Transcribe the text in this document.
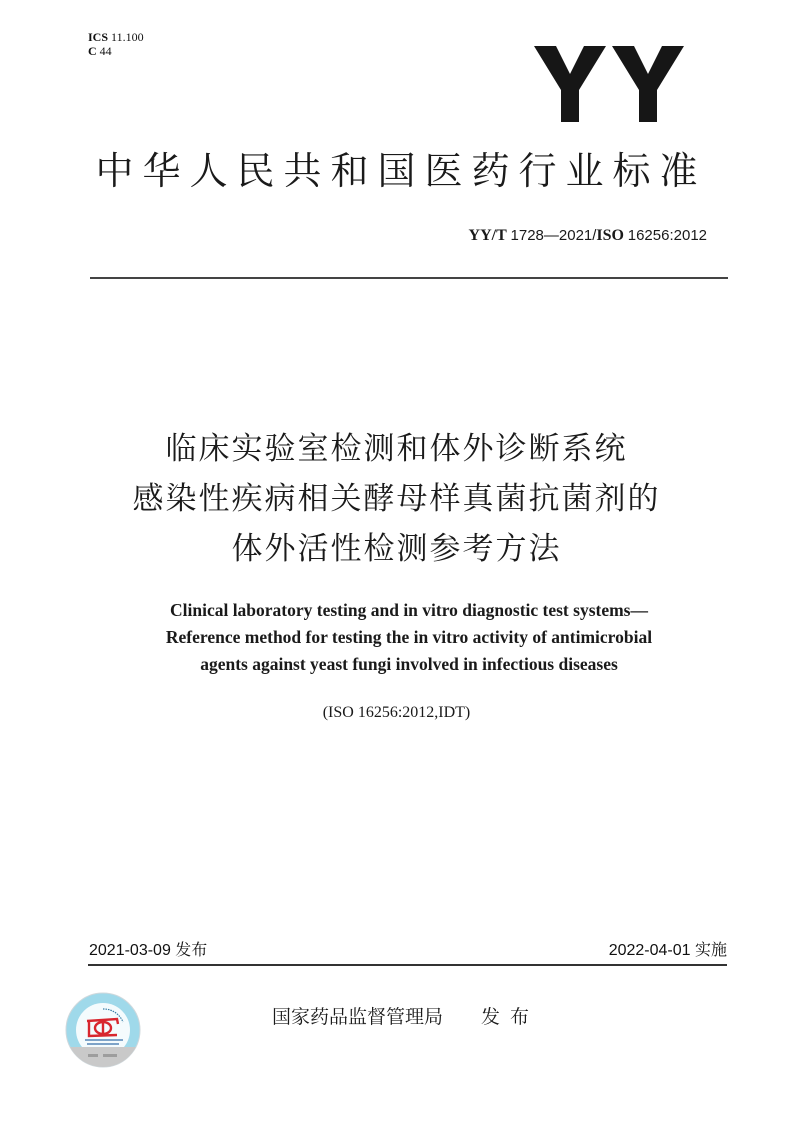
ICS 11.100
C 44
中华人民共和国医药行业标准
YY/T 1728—2021/ISO 16256:2012
临床实验室检测和体外诊断系统
感染性疾病相关酵母样真菌抗菌剂的
体外活性检测参考方法
Clinical laboratory testing and in vitro diagnostic test systems—
Reference method for testing the in vitro activity of antimicrobial
agents against yeast fungi involved in infectious diseases
(ISO 16256:2012,IDT)
2021-03-09 发布	2022-04-01 实施
国家药品监督管理局 发布
